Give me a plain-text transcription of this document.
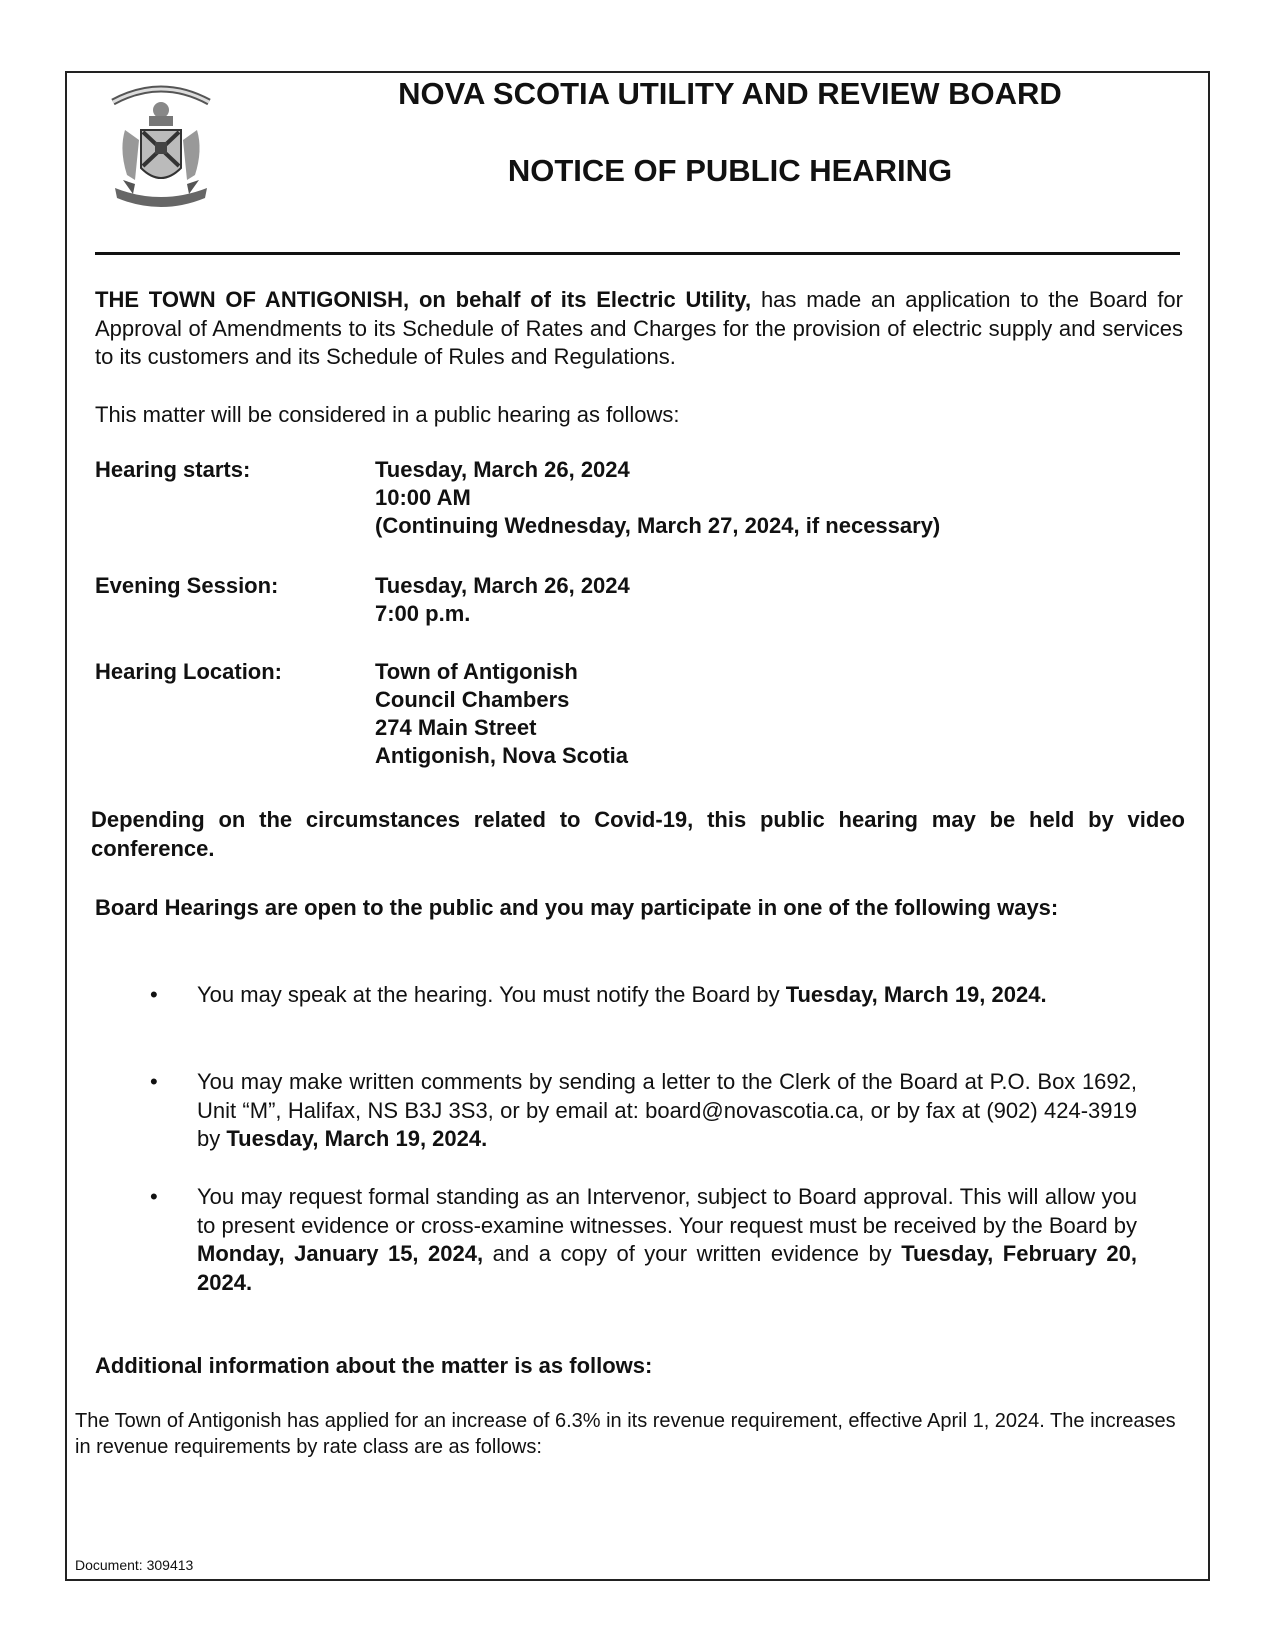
NOVA SCOTIA UTILITY AND REVIEW BOARD
NOTICE OF PUBLIC HEARING
THE TOWN OF ANTIGONISH, on behalf of its Electric Utility, has made an application to the Board for Approval of Amendments to its Schedule of Rates and Charges for the provision of electric supply and services to its customers and its Schedule of Rules and Regulations.
This matter will be considered in a public hearing as follows:
Hearing starts:	Tuesday, March 26, 2024
10:00 AM
(Continuing Wednesday, March 27, 2024, if necessary)
Evening Session:	Tuesday, March 26, 2024
7:00 p.m.
Hearing Location:	Town of Antigonish
Council Chambers
274 Main Street
Antigonish, Nova Scotia
Depending on the circumstances related to Covid-19, this public hearing may be held by video conference.
Board Hearings are open to the public and you may participate in one of the following ways:
•	You may speak at the hearing. You must notify the Board by Tuesday, March 19, 2024.
•	You may make written comments by sending a letter to the Clerk of the Board at P.O. Box 1692, Unit “M”, Halifax, NS B3J 3S3, or by email at: board@novascotia.ca, or by fax at (902) 424-3919 by Tuesday, March 19, 2024.
•	You may request formal standing as an Intervenor, subject to Board approval. This will allow you to present evidence or cross-examine witnesses. Your request must be received by the Board by Monday, January 15, 2024, and a copy of your written evidence by Tuesday, February 20, 2024.
Additional information about the matter is as follows:
The Town of Antigonish has applied for an increase of 6.3% in its revenue requirement, effective April 1, 2024. The increases in revenue requirements by rate class are as follows:
Document: 309413
